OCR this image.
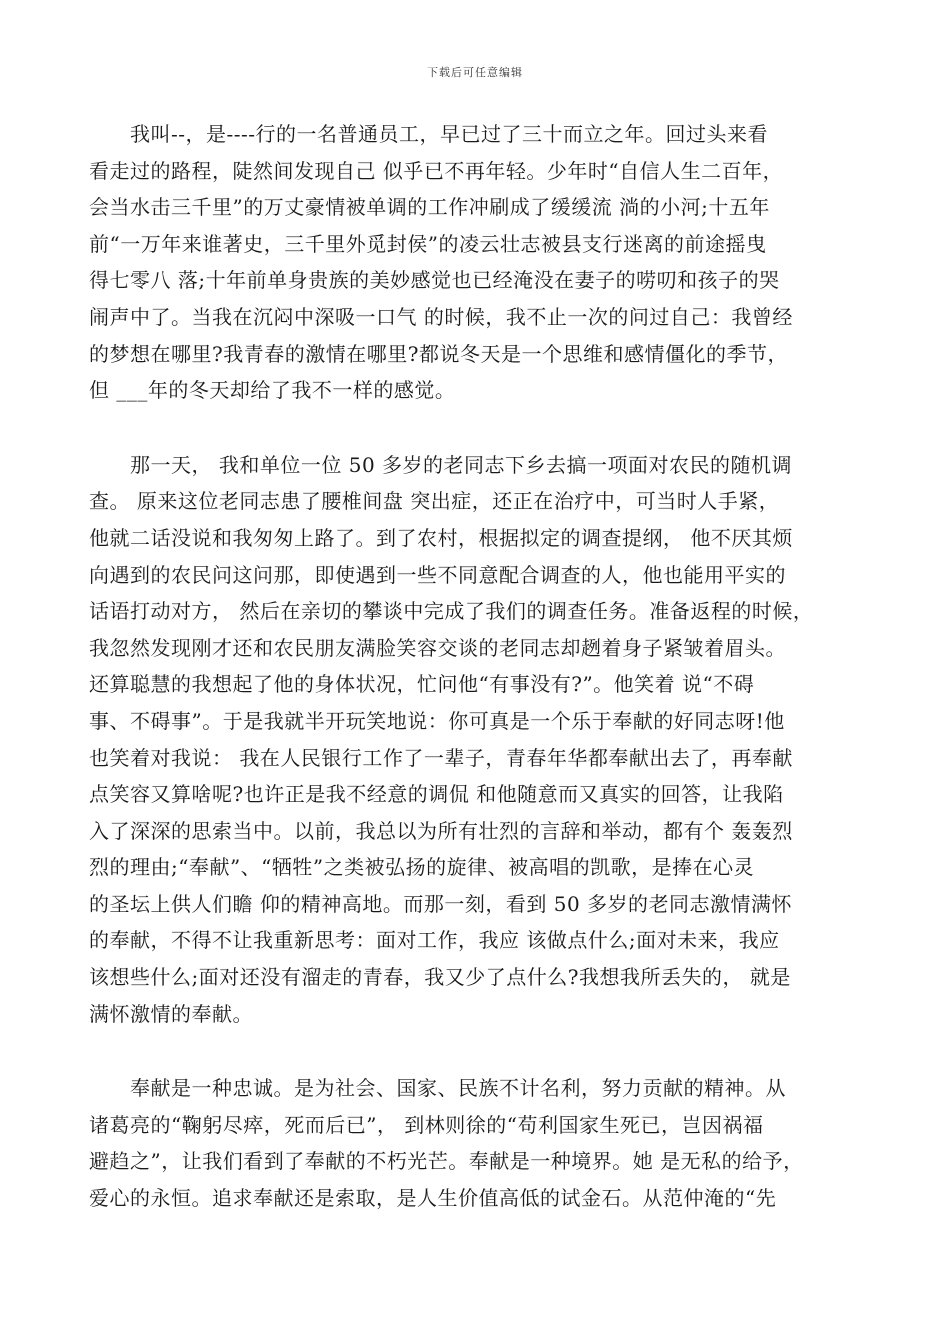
下载后可任意编辑
　　我叫--，是----行的一名普通员工，早已过了三十而立之年。回过头来看
看走过的路程，陡然间发现自己 似乎已不再年轻。少年时“自信人生二百年，
会当水击三千里”的万丈豪情被单调的工作冲刷成了缓缓流 淌的小河;十五年
前“一万年来谁著史，三千里外觅封侯”的凌云壮志被县支行迷离的前途摇曳
得七零八 落;十年前单身贵族的美妙感觉也已经淹没在妻子的唠叨和孩子的哭
闹声中了。当我在沉闷中深吸一口气 的时候，我不止一次的问过自己：我曾经
的梦想在哪里?我青春的激情在哪里?都说冬天是一个思维和感情僵化的季节，
但 ___年的冬天却给了我不一样的感觉。
　　那一天， 我和单位一位 50 多岁的老同志下乡去搞一项面对农民的随机调
查。 原来这位老同志患了腰椎间盘 突出症，还正在治疗中，可当时人手紧，
他就二话没说和我匆匆上路了。到了农村，根据拟定的调查提纲， 他不厌其烦
向遇到的农民问这问那，即使遇到一些不同意配合调查的人，他也能用平实的
话语打动对方， 然后在亲切的攀谈中完成了我们的调查任务。准备返程的时候，
我忽然发现刚才还和农民朋友满脸笑容交谈的老同志却趔着身子紧皱着眉头。
还算聪慧的我想起了他的身体状况，忙问他“有事没有?”。他笑着 说“不碍
事、不碍事”。于是我就半开玩笑地说：你可真是一个乐于奉献的好同志呀!他
也笑着对我说： 我在人民银行工作了一辈子，青春年华都奉献出去了，再奉献
点笑容又算啥呢?也许正是我不经意的调侃 和他随意而又真实的回答，让我陷
入了深深的思索当中。以前，我总以为所有壮烈的言辞和举动，都有个 轰轰烈
烈的理由;“奉献”、“牺牲”之类被弘扬的旋律、被高唱的凯歌，是捧在心灵
的圣坛上供人们瞻 仰的精神高地。而那一刻，看到 50 多岁的老同志激情满怀
的奉献，不得不让我重新思考：面对工作，我应 该做点什么;面对未来，我应
该想些什么;面对还没有溜走的青春，我又少了点什么?我想我所丢失的， 就是
满怀激情的奉献。
　　奉献是一种忠诚。是为社会、国家、民族不计名利，努力贡献的精神。从
诸葛亮的“鞠躬尽瘁，死而后已”， 到林则徐的“苟利国家生死已，岂因祸福
避趋之”，让我们看到了奉献的不朽光芒。奉献是一种境界。她 是无私的给予，
爱心的永恒。追求奉献还是索取，是人生价值高低的试金石。从范仲淹的“先
